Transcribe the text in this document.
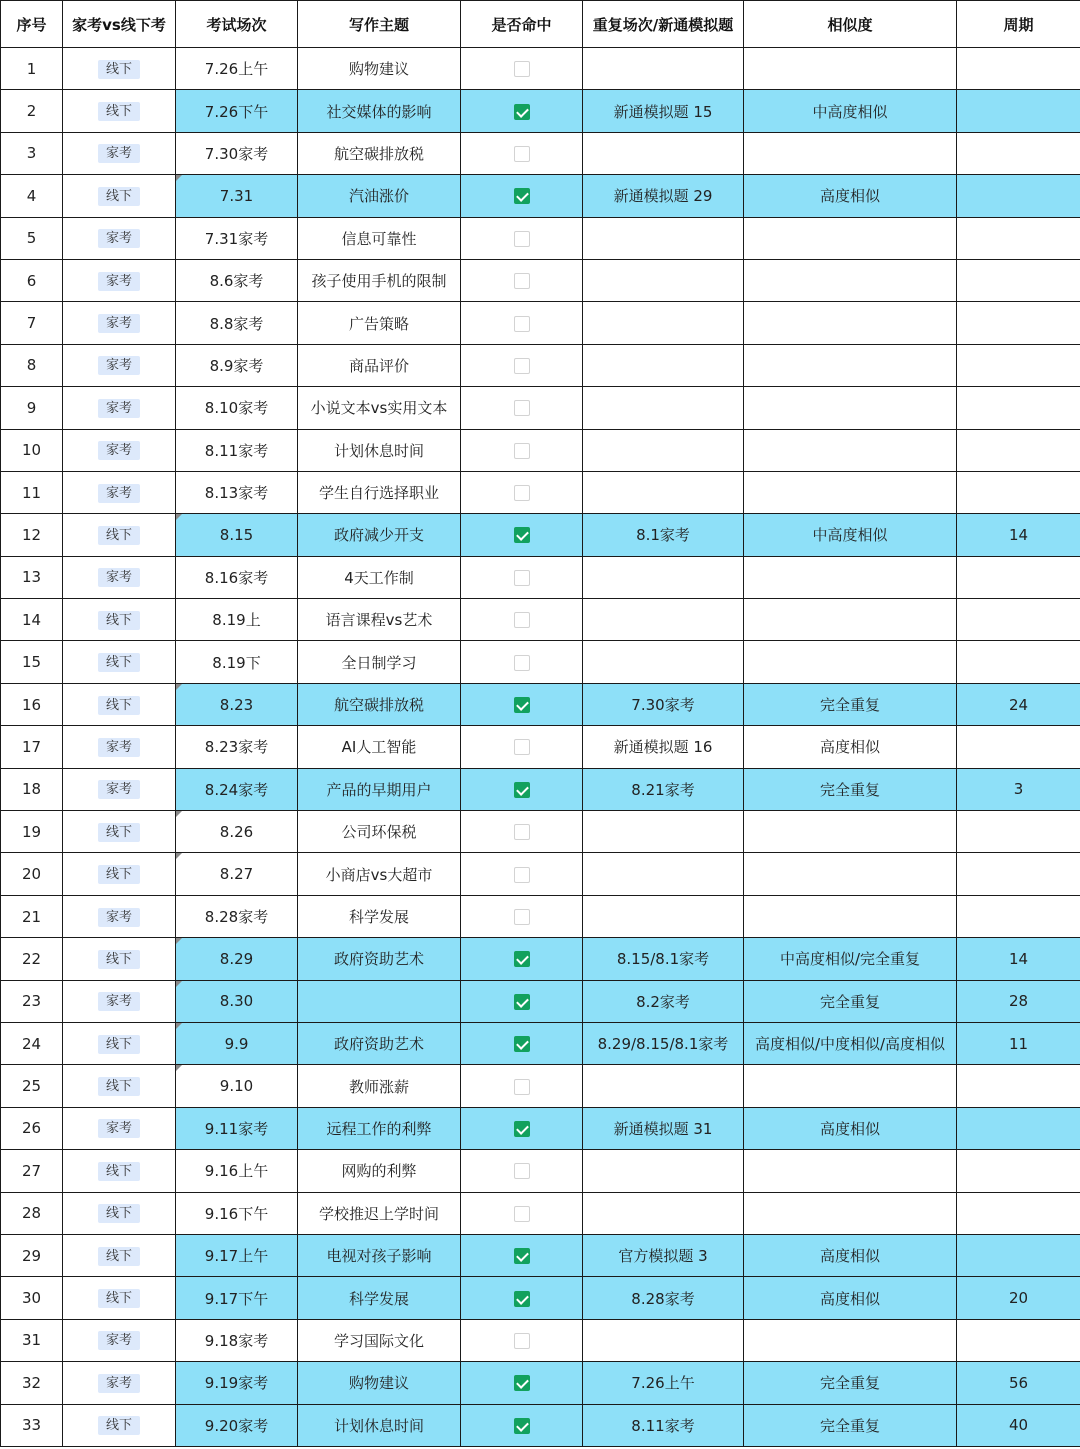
序号	家考vs线下考	考试场次	写作主题	是否命中	重复场次/新通模拟题	相似度	周期
1	线下	7.26上午	购物建议				
2	线下	7.26下午	社交媒体的影响		新通模拟题 15	中高度相似	
3	家考	7.30家考	航空碳排放税				
4	线下	7.31	汽油涨价		新通模拟题 29	高度相似	
5	家考	7.31家考	信息可靠性				
6	家考	8.6家考	孩子使用手机的限制				
7	家考	8.8家考	广告策略				
8	家考	8.9家考	商品评价				
9	家考	8.10家考	小说文本vs实用文本				
10	家考	8.11家考	计划休息时间				
11	家考	8.13家考	学生自行选择职业				
12	线下	8.15	政府减少开支		8.1家考	中高度相似	14
13	家考	8.16家考	4天工作制				
14	线下	8.19上	语言课程vs艺术				
15	线下	8.19下	全日制学习				
16	线下	8.23	航空碳排放税		7.30家考	完全重复	24
17	家考	8.23家考	AI人工智能		新通模拟题 16	高度相似	
18	家考	8.24家考	产品的早期用户		8.21家考	完全重复	3
19	线下	8.26	公司环保税				
20	线下	8.27	小商店vs大超市				
21	家考	8.28家考	科学发展				
22	线下	8.29	政府资助艺术		8.15/8.1家考	中高度相似/完全重复	14
23	家考	8.30			8.2家考	完全重复	28
24	线下	9.9	政府资助艺术		8.29/8.15/8.1家考	高度相似/中度相似/高度相似	11
25	线下	9.10	教师涨薪				
26	家考	9.11家考	远程工作的利弊		新通模拟题 31	高度相似	
27	线下	9.16上午	网购的利弊				
28	线下	9.16下午	学校推迟上学时间				
29	线下	9.17上午	电视对孩子影响		官方模拟题 3	高度相似	
30	线下	9.17下午	科学发展		8.28家考	高度相似	20
31	家考	9.18家考	学习国际文化				
32	家考	9.19家考	购物建议		7.26上午	完全重复	56
33	线下	9.20家考	计划休息时间		8.11家考	完全重复	40
